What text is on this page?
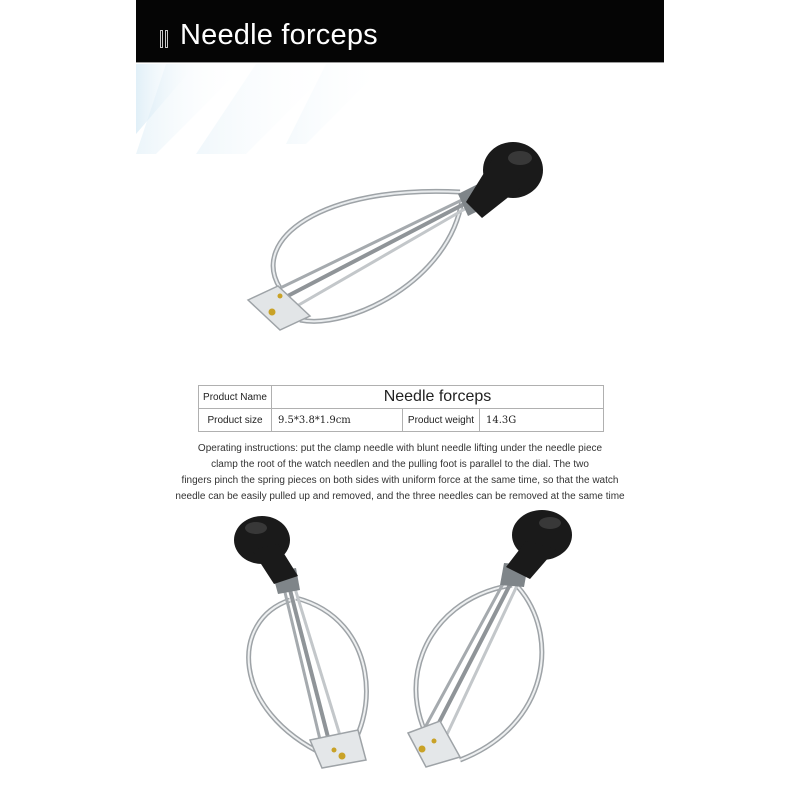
Needle forceps
Product Name	Needle forceps		
Product size	9.5*3.8*1.9cm	Product weight	14.3G
Operating instructions: put the clamp needle with blunt needle lifting under the needle piece
clamp the root of the watch needlen and the pulling foot is parallel to the dial. The two
fingers pinch the spring pieces on both sides with uniform force at the same time, so that the watch
needle can be easily pulled up and removed, and the three needles can be removed at the same time
